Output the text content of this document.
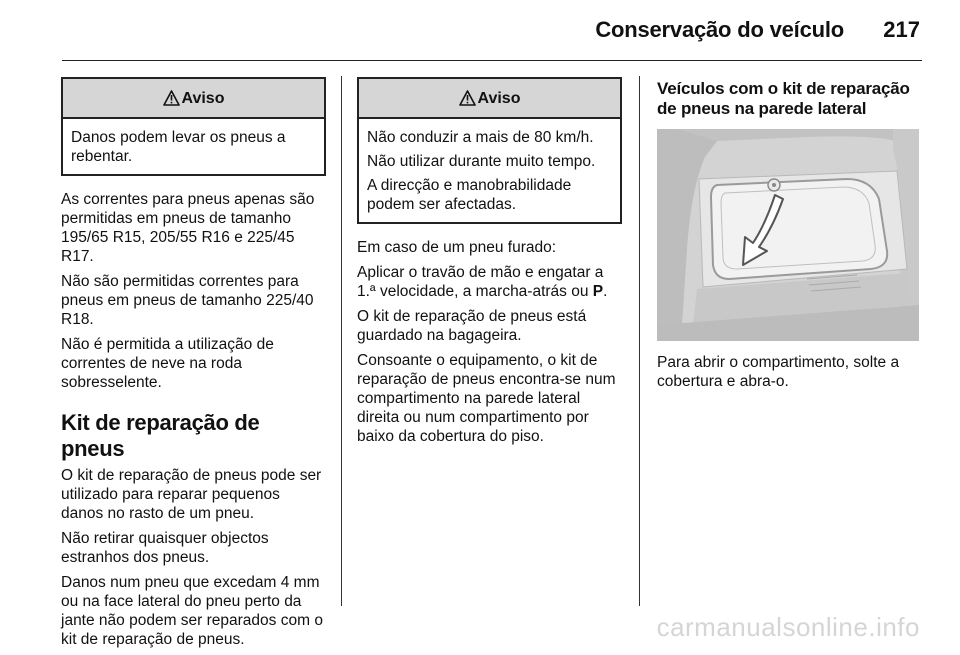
Conservação do veículo	217
Aviso

Danos podem levar os pneus a rebentar.

As correntes para pneus apenas são permitidas em pneus de tamanho 195/65 R15, 205/55 R16 e 225/45 R17.

Não são permitidas correntes para pneus em pneus de tamanho 225/40 R18.

Não é permitida a utilização de correntes de neve na roda sobresselente.

Kit de reparação de pneus

O kit de reparação de pneus pode ser utilizado para reparar pequenos danos no rasto de um pneu.

Não retirar quaisquer objectos estranhos dos pneus.

Danos num pneu que excedam 4 mm ou na face lateral do pneu perto da jante não podem ser reparados com o kit de reparação de pneus.

Aviso

Não conduzir a mais de 80 km/h.

Não utilizar durante muito tempo.

A direcção e manobrabilidade podem ser afectadas.

Em caso de um pneu furado:

Aplicar o travão de mão e engatar a 1.ª velocidade, a marcha-atrás ou P.

O kit de reparação de pneus está guardado na bagageira.

Consoante o equipamento, o kit de reparação de pneus encontra-se num compartimento na parede lateral direita ou num compartimento por baixo da cobertura do piso.

Veículos com o kit de reparação de pneus na parede lateral

Para abrir o compartimento, solte a cobertura e abra-o.

carmanualsonline.info
